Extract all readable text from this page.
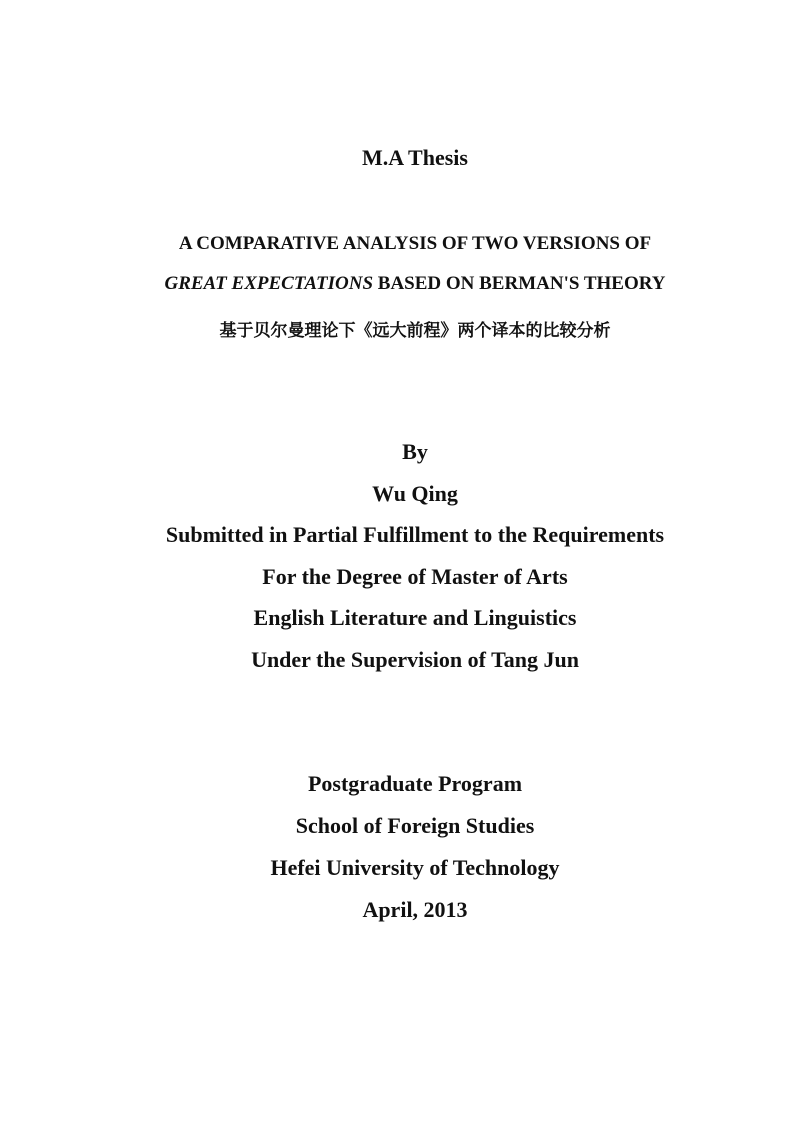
M.A Thesis
A COMPARATIVE ANALYSIS OF TWO VERSIONS OF
GREAT EXPECTATIONS BASED ON BERMAN'S THEORY
基于贝尔曼理论下《远大前程》两个译本的比较分析
By
Wu Qing
Submitted in Partial Fulfillment to the Requirements
For the Degree of Master of Arts
English Literature and Linguistics
Under the Supervision of Tang Jun
Postgraduate Program
School of Foreign Studies
Hefei University of Technology
April, 2013
